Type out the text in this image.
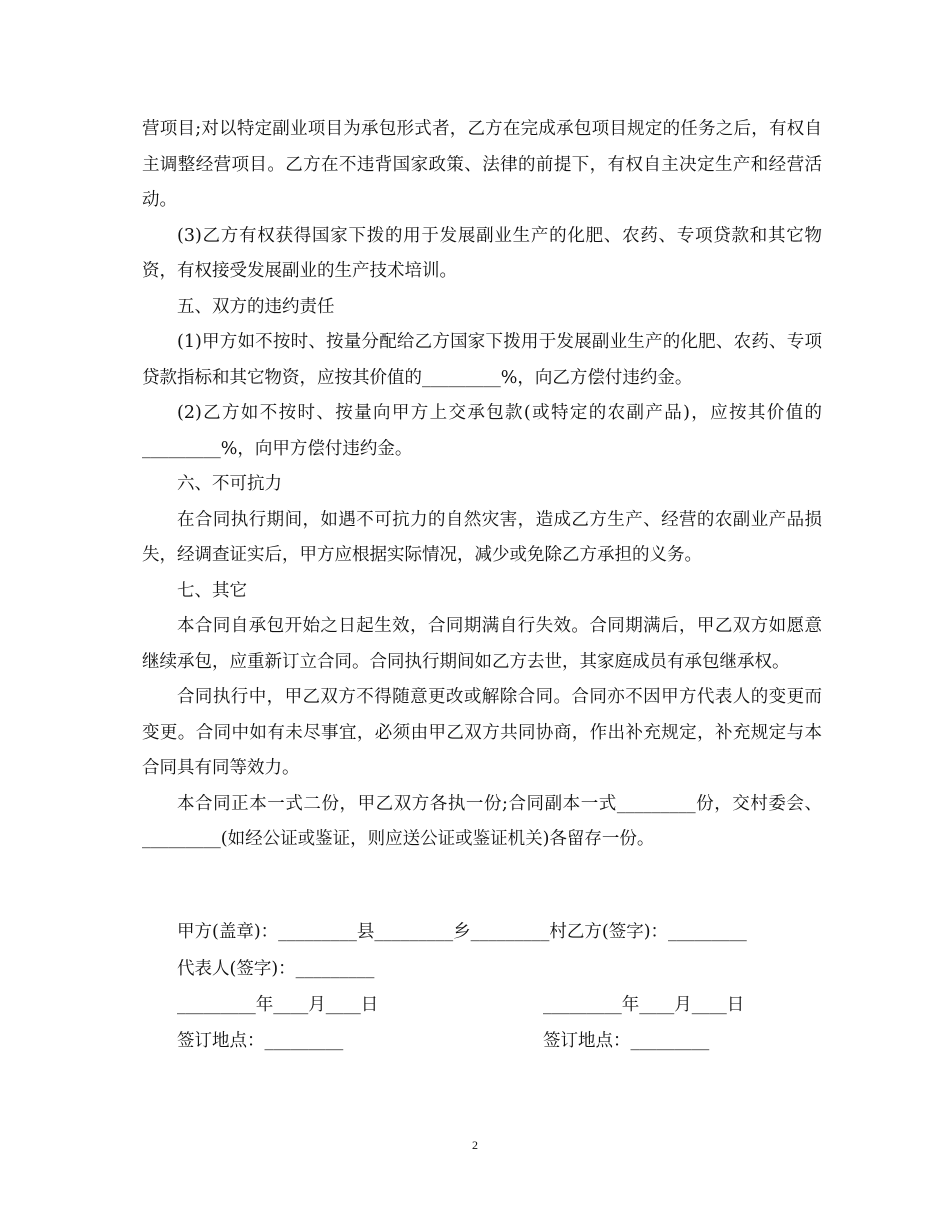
营项目;对以特定副业项目为承包形式者，乙方在完成承包项目规定的任务之后，有权自主调整经营项目。乙方在不违背国家政策、法律的前提下，有权自主决定生产和经营活动。

(3)乙方有权获得国家下拨的用于发展副业生产的化肥、农药、专项贷款和其它物资，有权接受发展副业的生产技术培训。

五、双方的违约责任

(1)甲方如不按时、按量分配给乙方国家下拨用于发展副业生产的化肥、农药、专项贷款指标和其它物资，应按其价值的_________%，向乙方偿付违约金。

(2)乙方如不按时、按量向甲方上交承包款(或特定的农副产品)，应按其价值的_________%，向甲方偿付违约金。

六、不可抗力

在合同执行期间，如遇不可抗力的自然灾害，造成乙方生产、经营的农副业产品损失，经调查证实后，甲方应根据实际情况，减少或免除乙方承担的义务。

七、其它

本合同自承包开始之日起生效，合同期满自行失效。合同期满后，甲乙双方如愿意继续承包，应重新订立合同。合同执行期间如乙方去世，其家庭成员有承包继承权。

合同执行中，甲乙双方不得随意更改或解除合同。合同亦不因甲方代表人的变更而变更。合同中如有未尽事宜，必须由甲乙双方共同协商，作出补充规定，补充规定与本合同具有同等效力。

本合同正本一式二份，甲乙双方各执一份;合同副本一式_________份，交村委会、_________(如经公证或鉴证，则应送公证或鉴证机关)各留存一份。

甲方(盖章)：_________县_________乡_________村乙方(签字)：_________
代表人(签字)：_________
_________年____月____日	_________年____月____日
签订地点：_________	签订地点：_________
2
